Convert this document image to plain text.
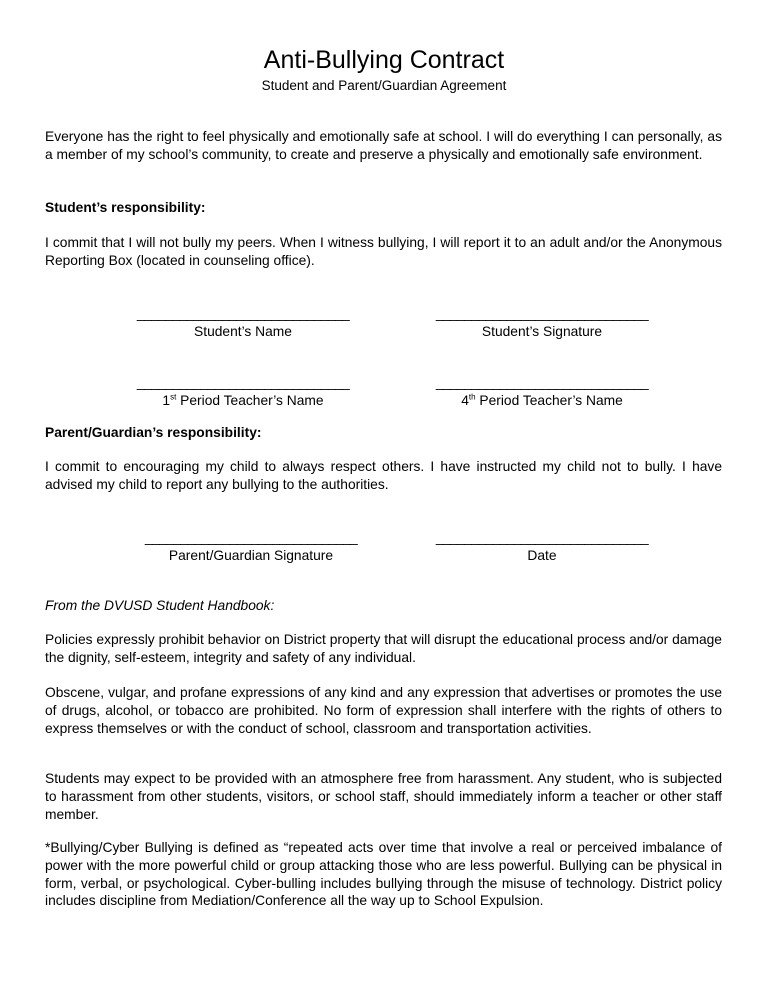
Anti-Bullying Contract
Student and Parent/Guardian Agreement

Everyone has the right to feel physically and emotionally safe at school. I will do everything I can personally, as a member of my school’s community, to create and preserve a physically and emotionally safe environment.

Student’s responsibility:

I commit that I will not bully my peers. When I witness bullying, I will report it to an adult and/or the Anonymous Reporting Box (located in counseling office).

______________________________
Student’s Name
______________________________
Student’s Signature
______________________________
1st Period Teacher’s Name
______________________________
4th Period Teacher’s Name

Parent/Guardian’s responsibility:

I commit to encouraging my child to always respect others. I have instructed my child not to bully. I have advised my child to report any bullying to the authorities.

______________________________
Parent/Guardian Signature
______________________________
Date

From the DVUSD Student Handbook:

Policies expressly prohibit behavior on District property that will disrupt the educational process and/or damage the dignity, self-esteem, integrity and safety of any individual.

Obscene, vulgar, and profane expressions of any kind and any expression that advertises or promotes the use of drugs, alcohol, or tobacco are prohibited. No form of expression shall interfere with the rights of others to express themselves or with the conduct of school, classroom and transportation activities.

Students may expect to be provided with an atmosphere free from harassment. Any student, who is subjected to harassment from other students, visitors, or school staff, should immediately inform a teacher or other staff member.

*Bullying/Cyber Bullying is defined as “repeated acts over time that involve a real or perceived imbalance of power with the more powerful child or group attacking those who are less powerful. Bullying can be physical in form, verbal, or psychological. Cyber-bulling includes bullying through the misuse of technology. District policy includes discipline from Mediation/Conference all the way up to School Expulsion.
